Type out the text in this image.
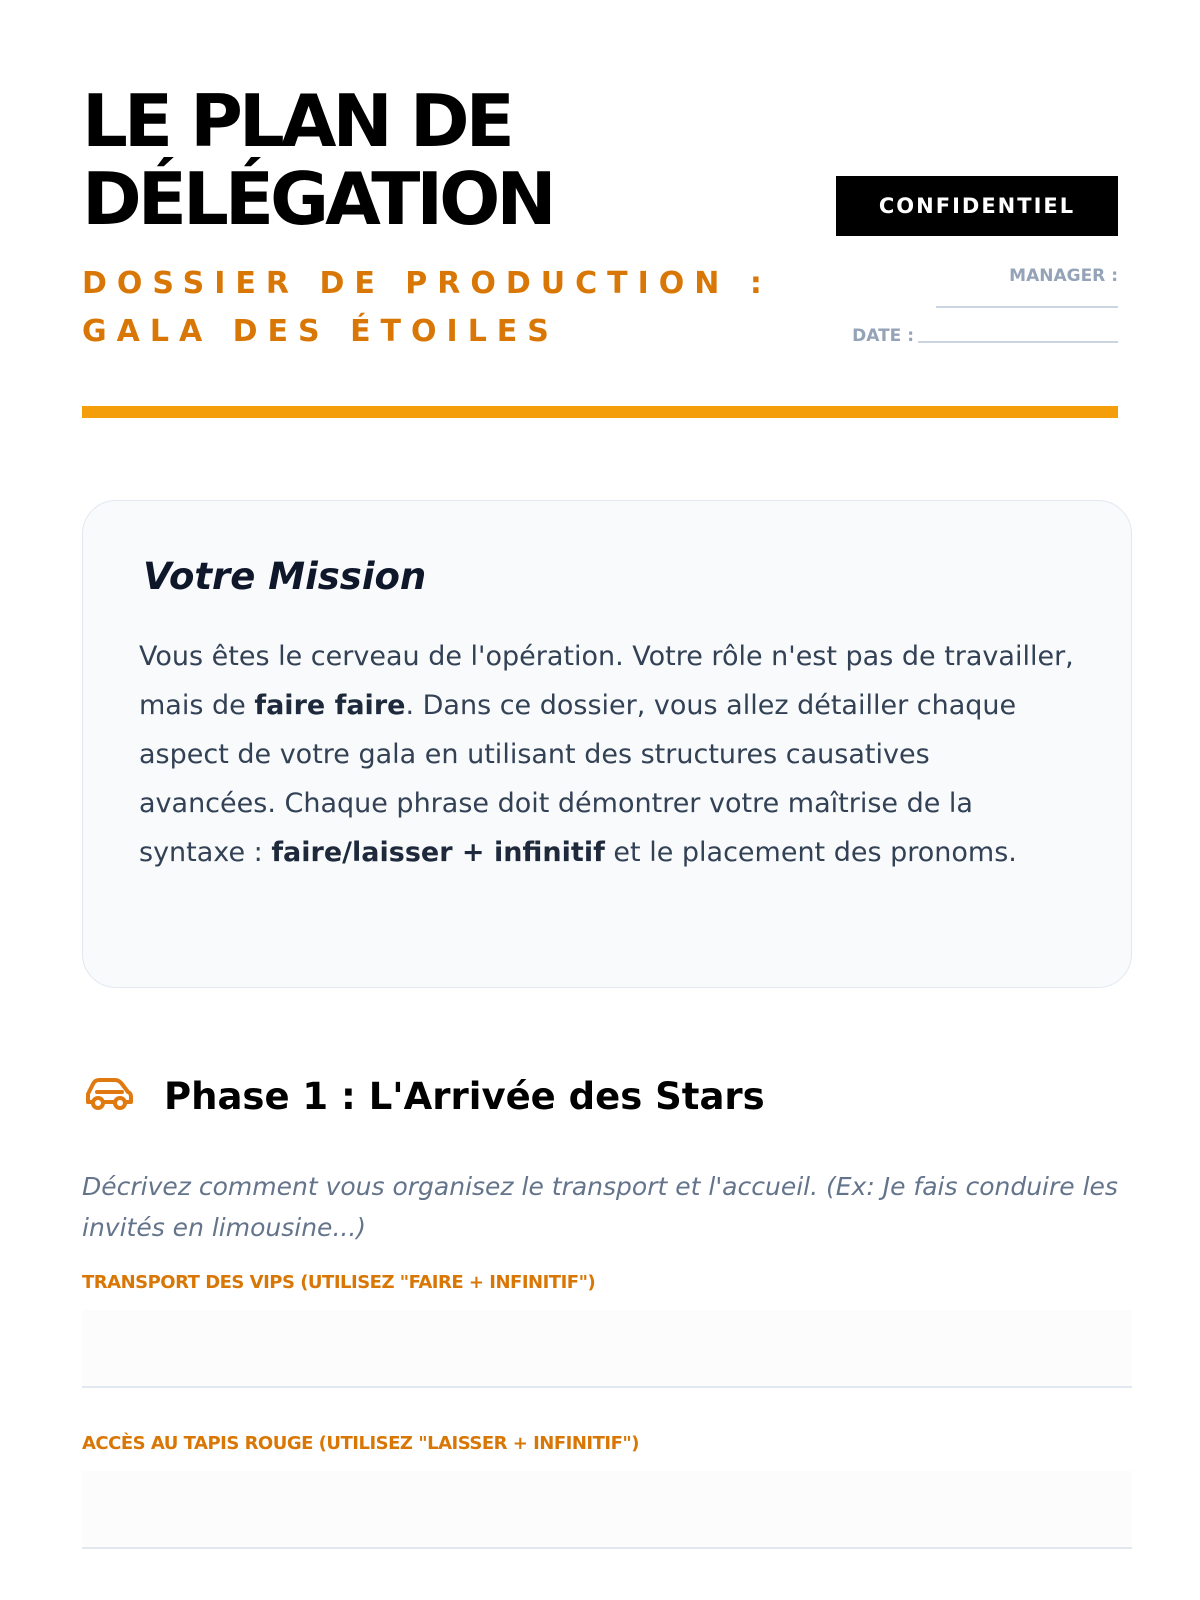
LE PLAN DE
DÉLÉGATION
DOSSIER DE PRODUCTION :
GALA DES ÉTOILES
CONFIDENTIEL
MANAGER :
DATE :
Votre Mission

Vous êtes le cerveau de l'opération. Votre rôle n'est pas de travailler, mais de faire faire. Dans ce dossier, vous allez détailler chaque aspect de votre gala en utilisant des structures causatives avancées. Chaque phrase doit démontrer votre maîtrise de la syntaxe : faire/laisser + infinitif et le placement des pronoms.

Phase 1 : L'Arrivée des Stars

Décrivez comment vous organisez le transport et l'accueil. (Ex: Je fais conduire les invités en limousine...)

TRANSPORT DES VIPS (UTILISEZ "FAIRE + INFINITIF")
ACCÈS AU TAPIS ROUGE (UTILISEZ "LAISSER + INFINITIF")
